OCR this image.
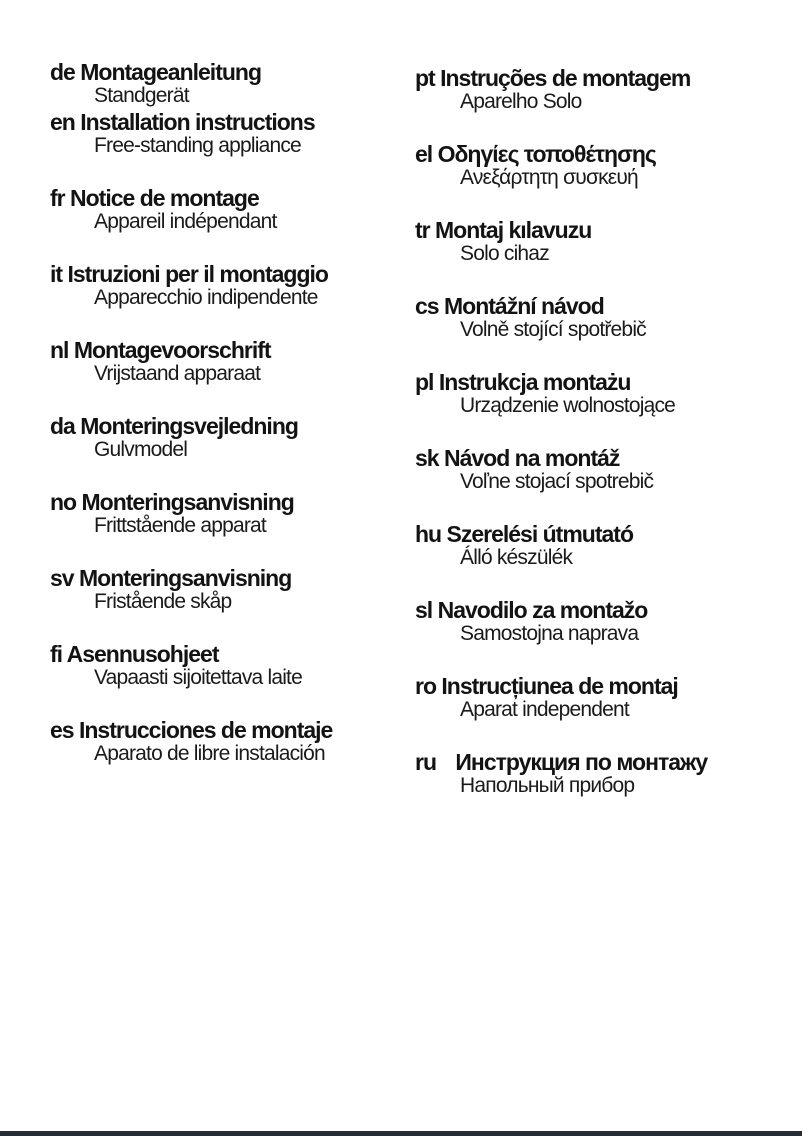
de Montageanleitung
Standgerät
en Installation instructions
Free-standing appliance
fr Notice de montage
Appareil indépendant
it Istruzioni per il montaggio
Apparecchio indipendente
nl Montagevoorschrift
Vrijstaand apparaat
da Monteringsvejledning
Gulvmodel
no Monteringsanvisning
Frittstående apparat
sv Monteringsanvisning
Fristående skåp
fi Asennusohjeet
Vapaasti sijoitettava laite
es Instrucciones de montaje
Aparato de libre instalación
pt Instruções de montagem
Aparelho Solo
el Οδηγίες τοποθέτησης
Ανεξάρτητη συσκευή
tr Montaj kılavuzu
Solo cihaz
cs Montážní návod
Volně stojící spotřebič
pl Instrukcja montażu
Urządzenie wolnostojące
sk Návod na montáž
Voľne stojací spotrebič
hu Szerelési útmutató
Álló készülék
sl Navodilo za montažo
Samostojna naprava
ro Instrucțiunea de montaj
Aparat independent
ru Инструкция по монтажу
Напольный прибор
